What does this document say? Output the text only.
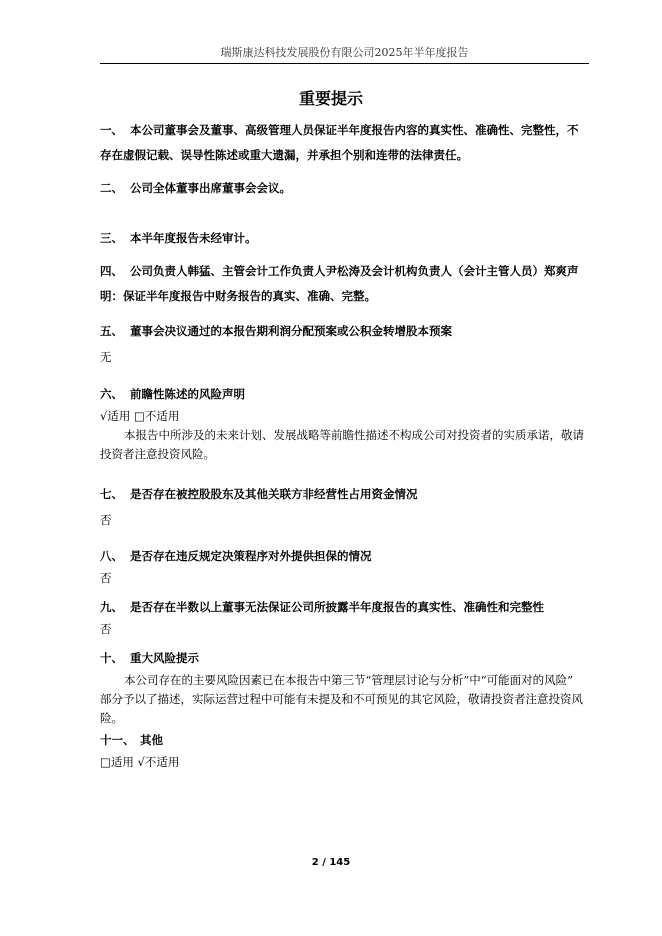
瑞斯康达科技发展股份有限公司2025年半年度报告
重要提示
一、 本公司董事会及董事、高级管理人员保证半年度报告内容的真实性、准确性、完整性，不
存在虚假记载、误导性陈述或重大遗漏，并承担个别和连带的法律责任。
二、 公司全体董事出席董事会会议。
三、 本半年度报告未经审计。
四、 公司负责人韩猛、主管会计工作负责人尹松涛及会计机构负责人（会计主管人员）郑爽声
明：保证半年度报告中财务报告的真实、准确、完整。
五、 董事会决议通过的本报告期利润分配预案或公积金转增股本预案
无
六、 前瞻性陈述的风险声明
√适用 □不适用
本报告中所涉及的未来计划、发展战略等前瞻性描述不构成公司对投资者的实质承诺，敬请
投资者注意投资风险。
七、 是否存在被控股股东及其他关联方非经营性占用资金情况
否
八、 是否存在违反规定决策程序对外提供担保的情况
否
九、 是否存在半数以上董事无法保证公司所披露半年度报告的真实性、准确性和完整性
否
十、 重大风险提示
本公司存在的主要风险因素已在本报告中第三节“管理层讨论与分析”中“可能面对的风险”
部分予以了描述，实际运营过程中可能有未提及和不可预见的其它风险，敬请投资者注意投资风
险。
十一、 其他
□适用 √不适用
2 / 145
